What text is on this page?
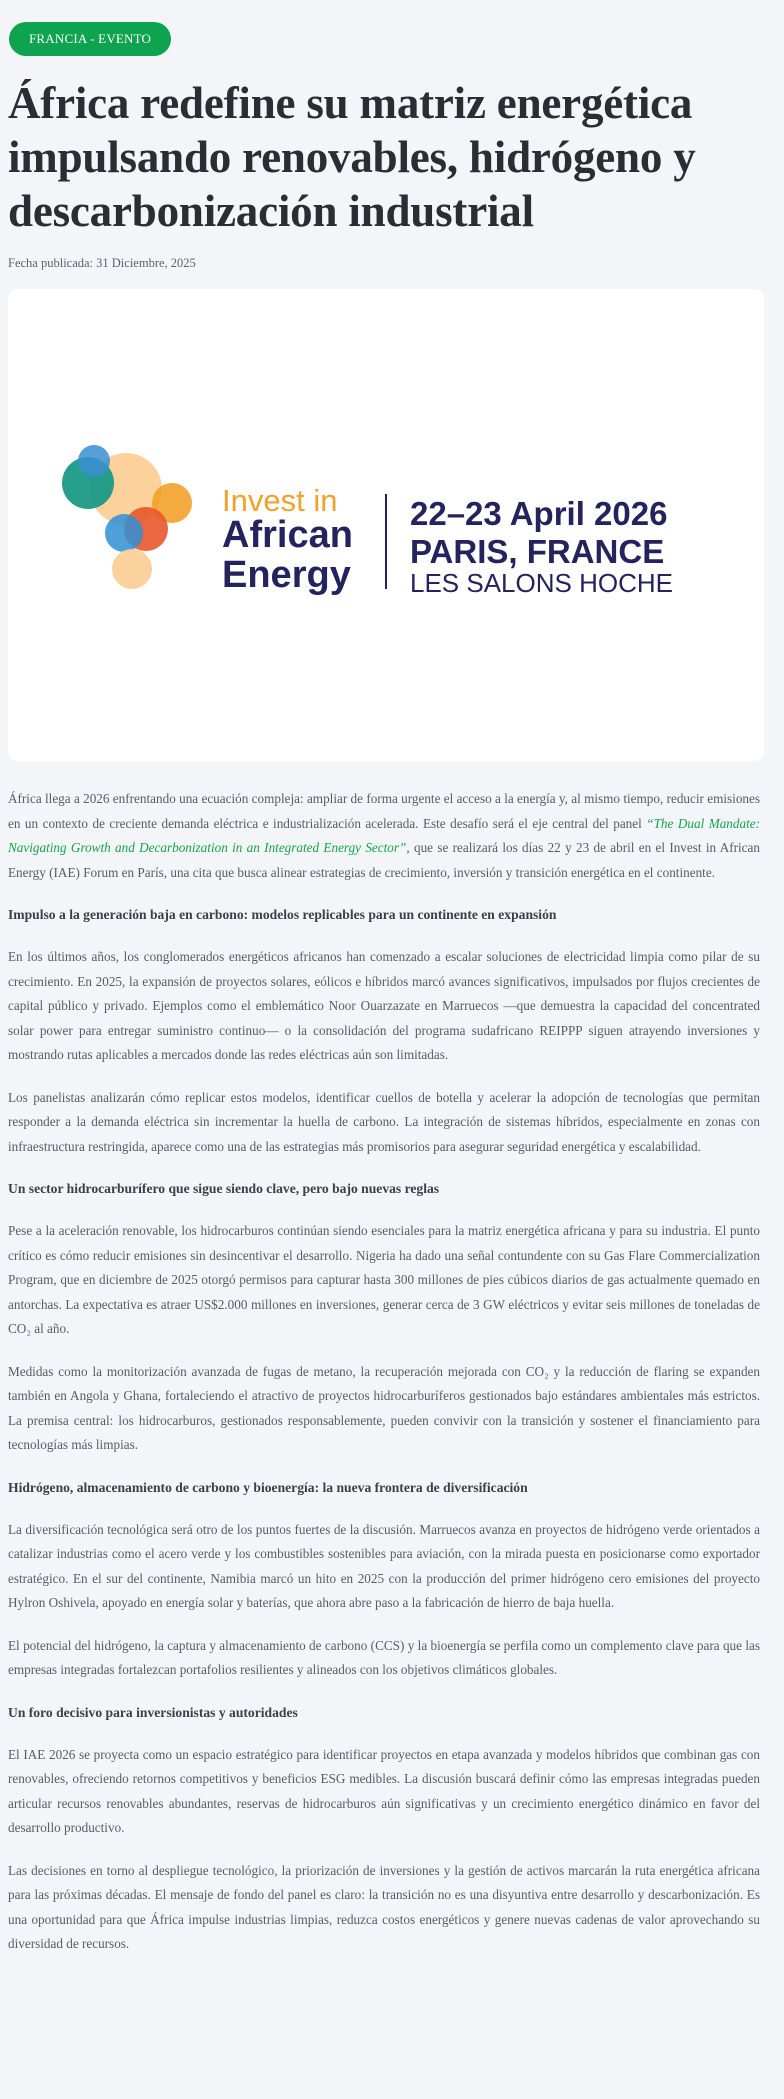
FRANCIA - EVENTO
África redefine su matriz energética impulsando renovables, hidrógeno y descarbonización industrial
Fecha publicada: 31 Diciembre, 2025
Invest in
African
Energy
22–23 April 2026
PARIS, FRANCE
LES SALONS HOCHE

África llega a 2026 enfrentando una ecuación compleja: ampliar de forma urgente el acceso a la energía y, al mismo tiempo, reducir emisiones en un contexto de creciente demanda eléctrica e industrialización acelerada. Este desafío será el eje central del panel “The Dual Mandate: Navigating Growth and Decarbonization in an Integrated Energy Sector”, que se realizará los días 22 y 23 de abril en el Invest in African Energy (IAE) Forum en París, una cita que busca alinear estrategias de crecimiento, inversión y transición energética en el continente.

Impulso a la generación baja en carbono: modelos replicables para un continente en expansión

En los últimos años, los conglomerados energéticos africanos han comenzado a escalar soluciones de electricidad limpia como pilar de su crecimiento. En 2025, la expansión de proyectos solares, eólicos e híbridos marcó avances significativos, impulsados por flujos crecientes de capital público y privado. Ejemplos como el emblemático Noor Ouarzazate en Marruecos —que demuestra la capacidad del concentrated solar power para entregar suministro continuo— o la consolidación del programa sudafricano REIPPP siguen atrayendo inversiones y mostrando rutas aplicables a mercados donde las redes eléctricas aún son limitadas.

Los panelistas analizarán cómo replicar estos modelos, identificar cuellos de botella y acelerar la adopción de tecnologías que permitan responder a la demanda eléctrica sin incrementar la huella de carbono. La integración de sistemas híbridos, especialmente en zonas con infraestructura restringida, aparece como una de las estrategias más promisorios para asegurar seguridad energética y escalabilidad.

Un sector hidrocarburífero que sigue siendo clave, pero bajo nuevas reglas

Pese a la aceleración renovable, los hidrocarburos continúan siendo esenciales para la matriz energética africana y para su industria. El punto crítico es cómo reducir emisiones sin desincentivar el desarrollo. Nigeria ha dado una señal contundente con su Gas Flare Commercialization Program, que en diciembre de 2025 otorgó permisos para capturar hasta 300 millones de pies cúbicos diarios de gas actualmente quemado en antorchas. La expectativa es atraer US$2.000 millones en inversiones, generar cerca de 3 GW eléctricos y evitar seis millones de toneladas de CO₂ al año.

Medidas como la monitorización avanzada de fugas de metano, la recuperación mejorada con CO₂ y la reducción de flaring se expanden también en Angola y Ghana, fortaleciendo el atractivo de proyectos hidrocarburíferos gestionados bajo estándares ambientales más estrictos. La premisa central: los hidrocarburos, gestionados responsablemente, pueden convivir con la transición y sostener el financiamiento para tecnologías más limpias.

Hidrógeno, almacenamiento de carbono y bioenergía: la nueva frontera de diversificación

La diversificación tecnológica será otro de los puntos fuertes de la discusión. Marruecos avanza en proyectos de hidrógeno verde orientados a catalizar industrias como el acero verde y los combustibles sostenibles para aviación, con la mirada puesta en posicionarse como exportador estratégico. En el sur del continente, Namibia marcó un hito en 2025 con la producción del primer hidrógeno cero emisiones del proyecto Hylron Oshivela, apoyado en energía solar y baterías, que ahora abre paso a la fabricación de hierro de baja huella.

El potencial del hidrógeno, la captura y almacenamiento de carbono (CCS) y la bioenergía se perfila como un complemento clave para que las empresas integradas fortalezcan portafolios resilientes y alineados con los objetivos climáticos globales.

Un foro decisivo para inversionistas y autoridades

El IAE 2026 se proyecta como un espacio estratégico para identificar proyectos en etapa avanzada y modelos híbridos que combinan gas con renovables, ofreciendo retornos competitivos y beneficios ESG medibles. La discusión buscará definir cómo las empresas integradas pueden articular recursos renovables abundantes, reservas de hidrocarburos aún significativas y un crecimiento energético dinámico en favor del desarrollo productivo.

Las decisiones en torno al despliegue tecnológico, la priorización de inversiones y la gestión de activos marcarán la ruta energética africana para las próximas décadas. El mensaje de fondo del panel es claro: la transición no es una disyuntiva entre desarrollo y descarbonización. Es una oportunidad para que África impulse industrias limpias, reduzca costos energéticos y genere nuevas cadenas de valor aprovechando su diversidad de recursos.
